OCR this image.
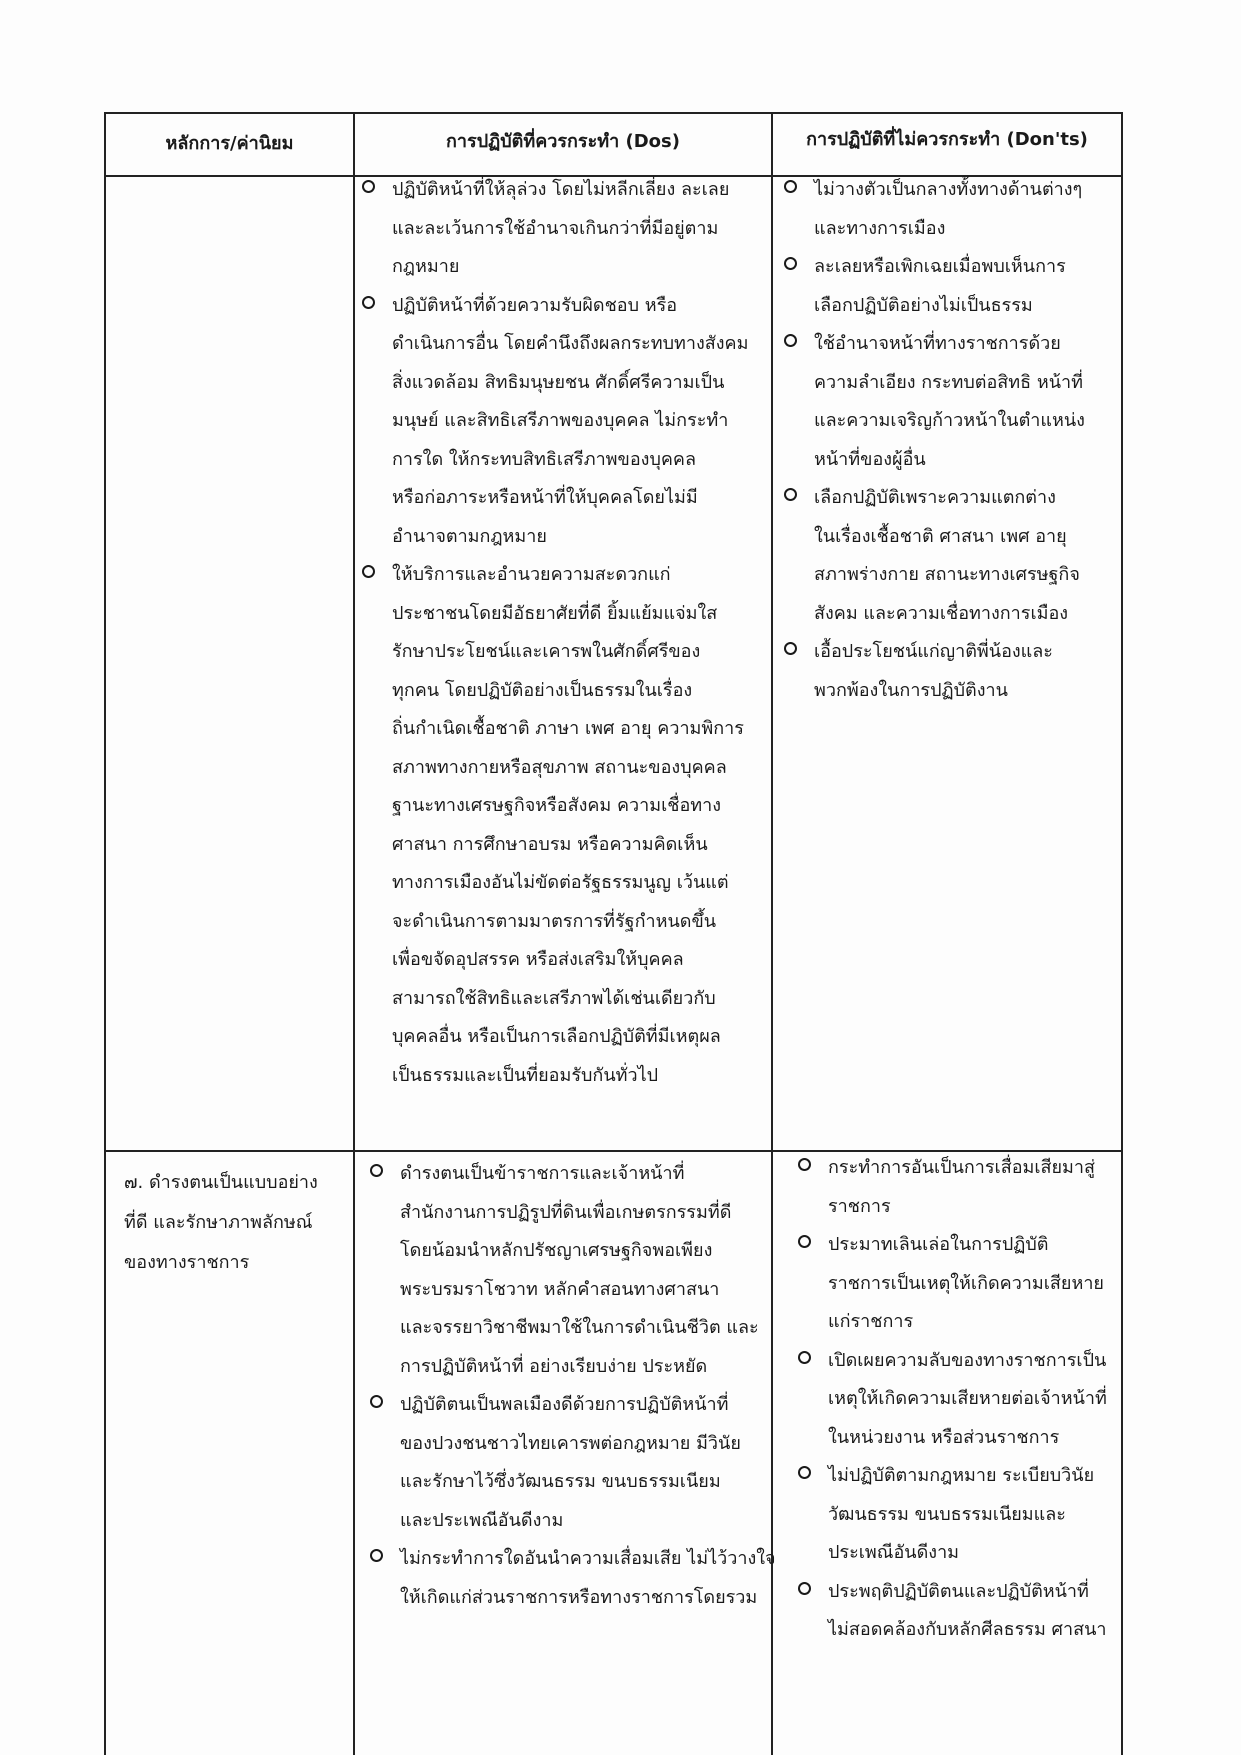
หลักการ/ค่านิยม	การปฏิบัติที่ควรกระทำ (Dos)	การปฏิบัติที่ไม่ควรกระทำ (Don'ts)

ปฏิบัติหน้าที่ให้ลุล่วง โดยไม่หลีกเลี่ยง ละเลย

และละเว้นการใช้อำนาจเกินกว่าที่มีอยู่ตาม

กฎหมาย

ปฏิบัติหน้าที่ด้วยความรับผิดชอบ หรือ

ดำเนินการอื่น โดยคำนึงถึงผลกระทบทางสังคม

สิ่งแวดล้อม สิทธิมนุษยชน ศักดิ์ศรีความเป็น

มนุษย์ และสิทธิเสรีภาพของบุคคล ไม่กระทำ

การใด ให้กระทบสิทธิเสรีภาพของบุคคล

หรือก่อภาระหรือหน้าที่ให้บุคคลโดยไม่มี

อำนาจตามกฎหมาย

ให้บริการและอำนวยความสะดวกแก่

ประชาชนโดยมีอัธยาศัยที่ดี ยิ้มแย้มแจ่มใส

รักษาประโยชน์และเคารพในศักดิ์ศรีของ

ทุกคน โดยปฏิบัติอย่างเป็นธรรมในเรื่อง

ถิ่นกำเนิดเชื้อชาติ ภาษา เพศ อายุ ความพิการ

สภาพทางกายหรือสุขภาพ สถานะของบุคคล

ฐานะทางเศรษฐกิจหรือสังคม ความเชื่อทาง

ศาสนา การศึกษาอบรม หรือความคิดเห็น

ทางการเมืองอันไม่ขัดต่อรัฐธรรมนูญ เว้นแต่

จะดำเนินการตามมาตรการที่รัฐกำหนดขึ้น

เพื่อขจัดอุปสรรค หรือส่งเสริมให้บุคคล

สามารถใช้สิทธิและเสรีภาพได้เช่นเดียวกับ

บุคคลอื่น หรือเป็นการเลือกปฏิบัติที่มีเหตุผล

เป็นธรรมและเป็นที่ยอมรับกันทั่วไป

ไม่วางตัวเป็นกลางทั้งทางด้านต่างๆ

และทางการเมือง

ละเลยหรือเพิกเฉยเมื่อพบเห็นการ

เลือกปฏิบัติอย่างไม่เป็นธรรม

ใช้อำนาจหน้าที่ทางราชการด้วย

ความลำเอียง กระทบต่อสิทธิ หน้าที่

และความเจริญก้าวหน้าในตำแหน่ง

หน้าที่ของผู้อื่น

เลือกปฏิบัติเพราะความแตกต่าง

ในเรื่องเชื้อชาติ ศาสนา เพศ อายุ

สภาพร่างกาย สถานะทางเศรษฐกิจ

สังคม และความเชื่อทางการเมือง

เอื้อประโยชน์แก่ญาติพี่น้องและ

พวกพ้องในการปฏิบัติงาน

๗. ดำรงตนเป็นแบบอย่าง
ที่ดี และรักษาภาพลักษณ์
ของทางราชการ

ดำรงตนเป็นข้าราชการและเจ้าหน้าที่

สำนักงานการปฏิรูปที่ดินเพื่อเกษตรกรรมที่ดี

โดยน้อมนำหลักปรัชญาเศรษฐกิจพอเพียง

พระบรมราโชวาท หลักคำสอนทางศาสนา

และจรรยาวิชาชีพมาใช้ในการดำเนินชีวิต และ

การปฏิบัติหน้าที่ อย่างเรียบง่าย ประหยัด

ปฏิบัติตนเป็นพลเมืองดีด้วยการปฏิบัติหน้าที่

ของปวงชนชาวไทยเคารพต่อกฎหมาย มีวินัย

และรักษาไว้ซึ่งวัฒนธรรม ขนบธรรมเนียม

และประเพณีอันดีงาม

ไม่กระทำการใดอันนำความเสื่อมเสีย ไม่ไว้วางใจ

ให้เกิดแก่ส่วนราชการหรือทางราชการโดยรวม

กระทำการอันเป็นการเสื่อมเสียมาสู่

ราชการ

ประมาทเลินเล่อในการปฏิบัติ

ราชการเป็นเหตุให้เกิดความเสียหาย

แก่ราชการ

เปิดเผยความลับของทางราชการเป็น

เหตุให้เกิดความเสียหายต่อเจ้าหน้าที่

ในหน่วยงาน หรือส่วนราชการ

ไม่ปฏิบัติตามกฎหมาย ระเบียบวินัย

วัฒนธรรม ขนบธรรมเนียมและ

ประเพณีอันดีงาม

ประพฤติปฏิบัติตนและปฏิบัติหน้าที่

ไม่สอดคล้องกับหลักศีลธรรม ศาสนา
